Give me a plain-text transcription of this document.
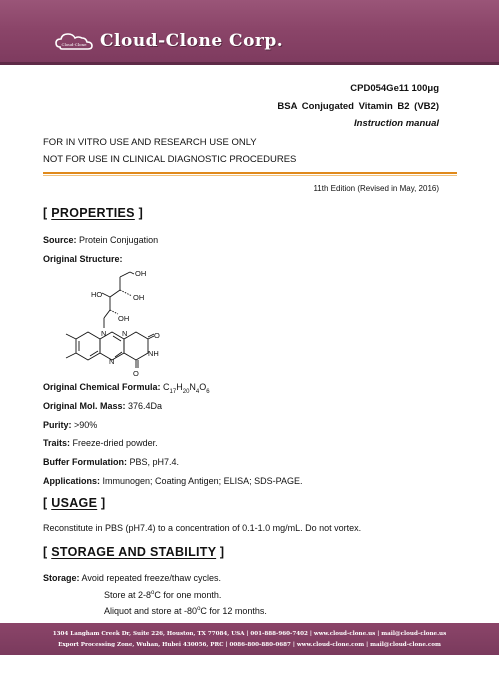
Cloud-Clone Cloud-Clone Corp.
CPD054Ge11 100μg
BSA Conjugated Vitamin B2 (VB2)
Instruction manual
FOR IN VITRO USE AND RESEARCH USE ONLY
NOT FOR USE IN CLINICAL DIAGNOSTIC PROCEDURES
11th Edition (Revised in May, 2016)
[ PROPERTIES ]
Source: Protein Conjugation
Original Structure:
OH
HO	OH
OH
N N
N
O
NH
O
Original Chemical Formula: $C_{17}H_{20}N_4O_6$
Original Mol. Mass: 376.4Da
Purity: >90%
Traits: Freeze-dried powder.
Buffer Formulation: PBS, pH7.4.
Applications: Immunogen; Coating Antigen; ELISA; SDS-PAGE.
[ USAGE ]
Reconstitute in PBS (pH7.4) to a concentration of 0.1-1.0 mg/mL. Do not vortex.
[ STORAGE AND STABILITY ]
Storage: Avoid repeated freeze/thaw cycles.
Store at 2-8$^o$C for one month.
Aliquot and store at -80$^o$C for 12 months.
1304 Langham Creek Dr, Suite 226, Houston, TX 77084, USA | 001-888-960-7402 | www.cloud-clone.us | mail@cloud-clone.us
Export Processing Zone, Wuhan, Hubei 430056, PRC | 0086-800-880-0687 | www.cloud-clone.com | mail@cloud-clone.com
